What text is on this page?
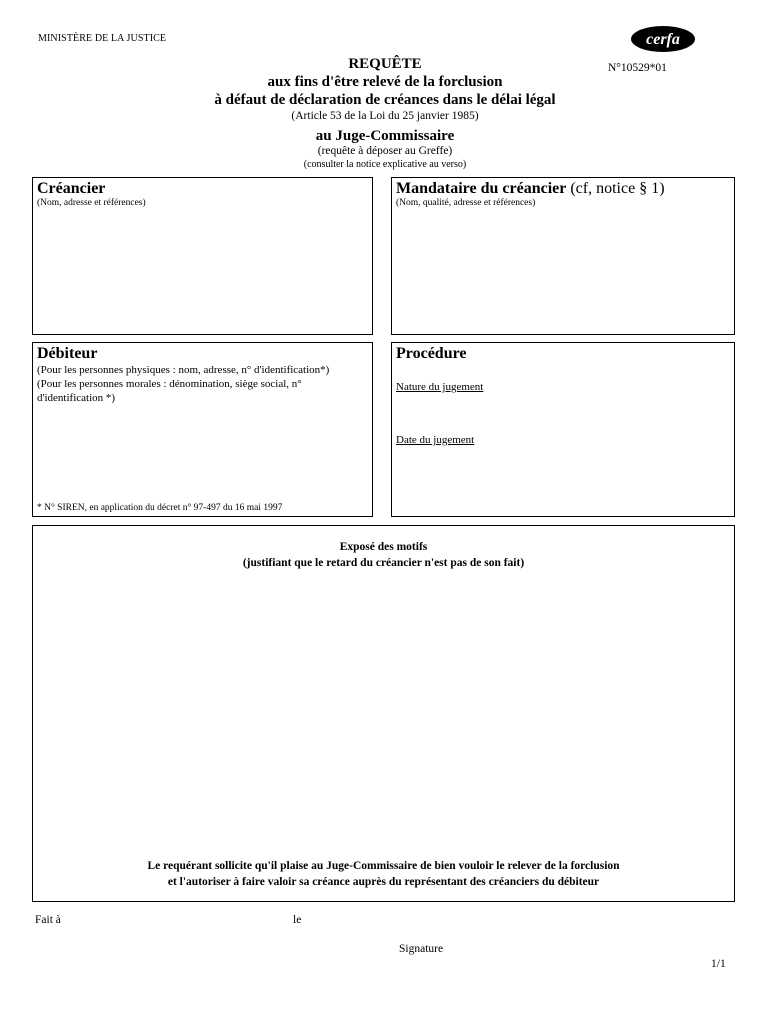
MINISTÈRE DE LA JUSTICE	cerfa
N°10529*01
REQUÊTE
aux fins d'être relevé de la forclusion
à défaut de déclaration de créances dans le délai légal
(Article 53 de la Loi du 25 janvier 1985)
au Juge-Commissaire
(requête à déposer au Greffe)
(consulter la notice explicative au verso)
Créancier
(Nom, adresse et références)
Mandataire du créancier (cf, notice § 1)
(Nom, qualité, adresse et références)
Débiteur
(Pour les personnes physiques : nom, adresse, n° d'identification*)
(Pour les personnes morales : dénomination, siège social, n° d'identification *)
* N° SIREN, en application du décret n° 97-497 du 16 mai 1997
Procédure
Nature du jugement
Date du jugement
Exposé des motifs
(justifiant que le retard du créancier n'est pas de son fait)
Le requérant sollicite qu'il plaise au Juge-Commissaire de bien vouloir le relever de la forclusion
et l'autoriser à faire valoir sa créance auprès du représentant des créanciers du débiteur
Fait à	le
Signature
1/1
